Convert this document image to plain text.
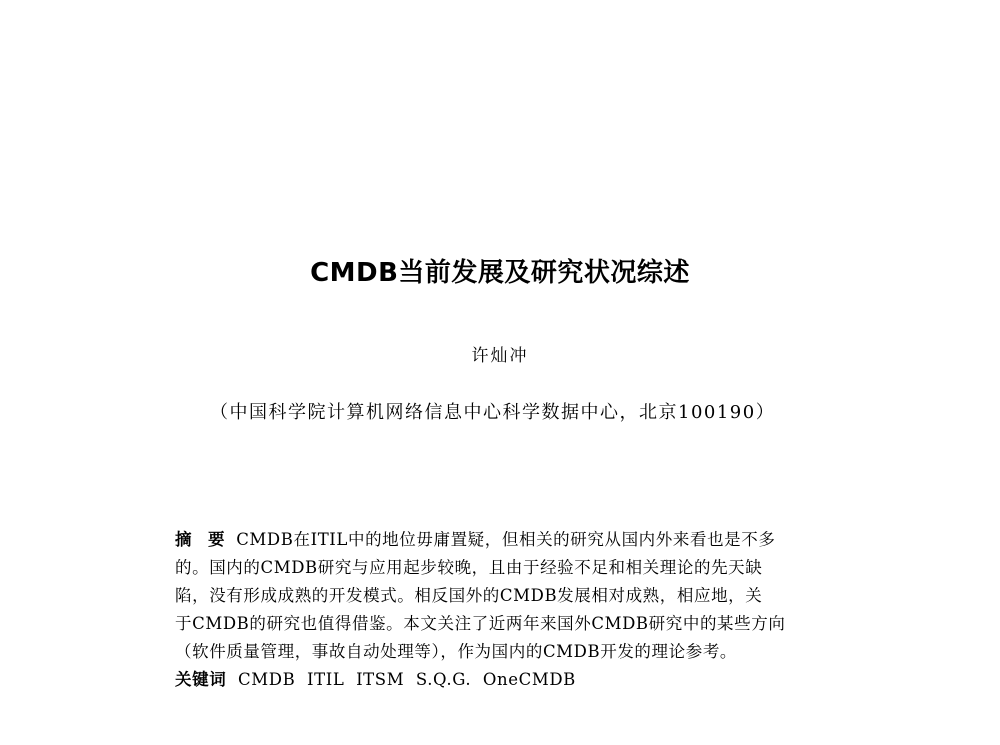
CMDB当前发展及研究状况综述
许灿冲
（中国科学院计算机网络信息中心科学数据中心，北京100190）
摘　要 CMDB在ITIL中的地位毋庸置疑，但相关的研究从国内外来看也是不多
的。国内的CMDB研究与应用起步较晚，且由于经验不足和相关理论的先天缺
陷，没有形成成熟的开发模式。相反国外的CMDB发展相对成熟，相应地，关
于CMDB的研究也值得借鉴。本文关注了近两年来国外CMDB研究中的某些方向
（软件质量管理，事故自动处理等），作为国内的CMDB开发的理论参考。
关键词 CMDB  ITIL  ITSM  S.Q.G.  OneCMDB
